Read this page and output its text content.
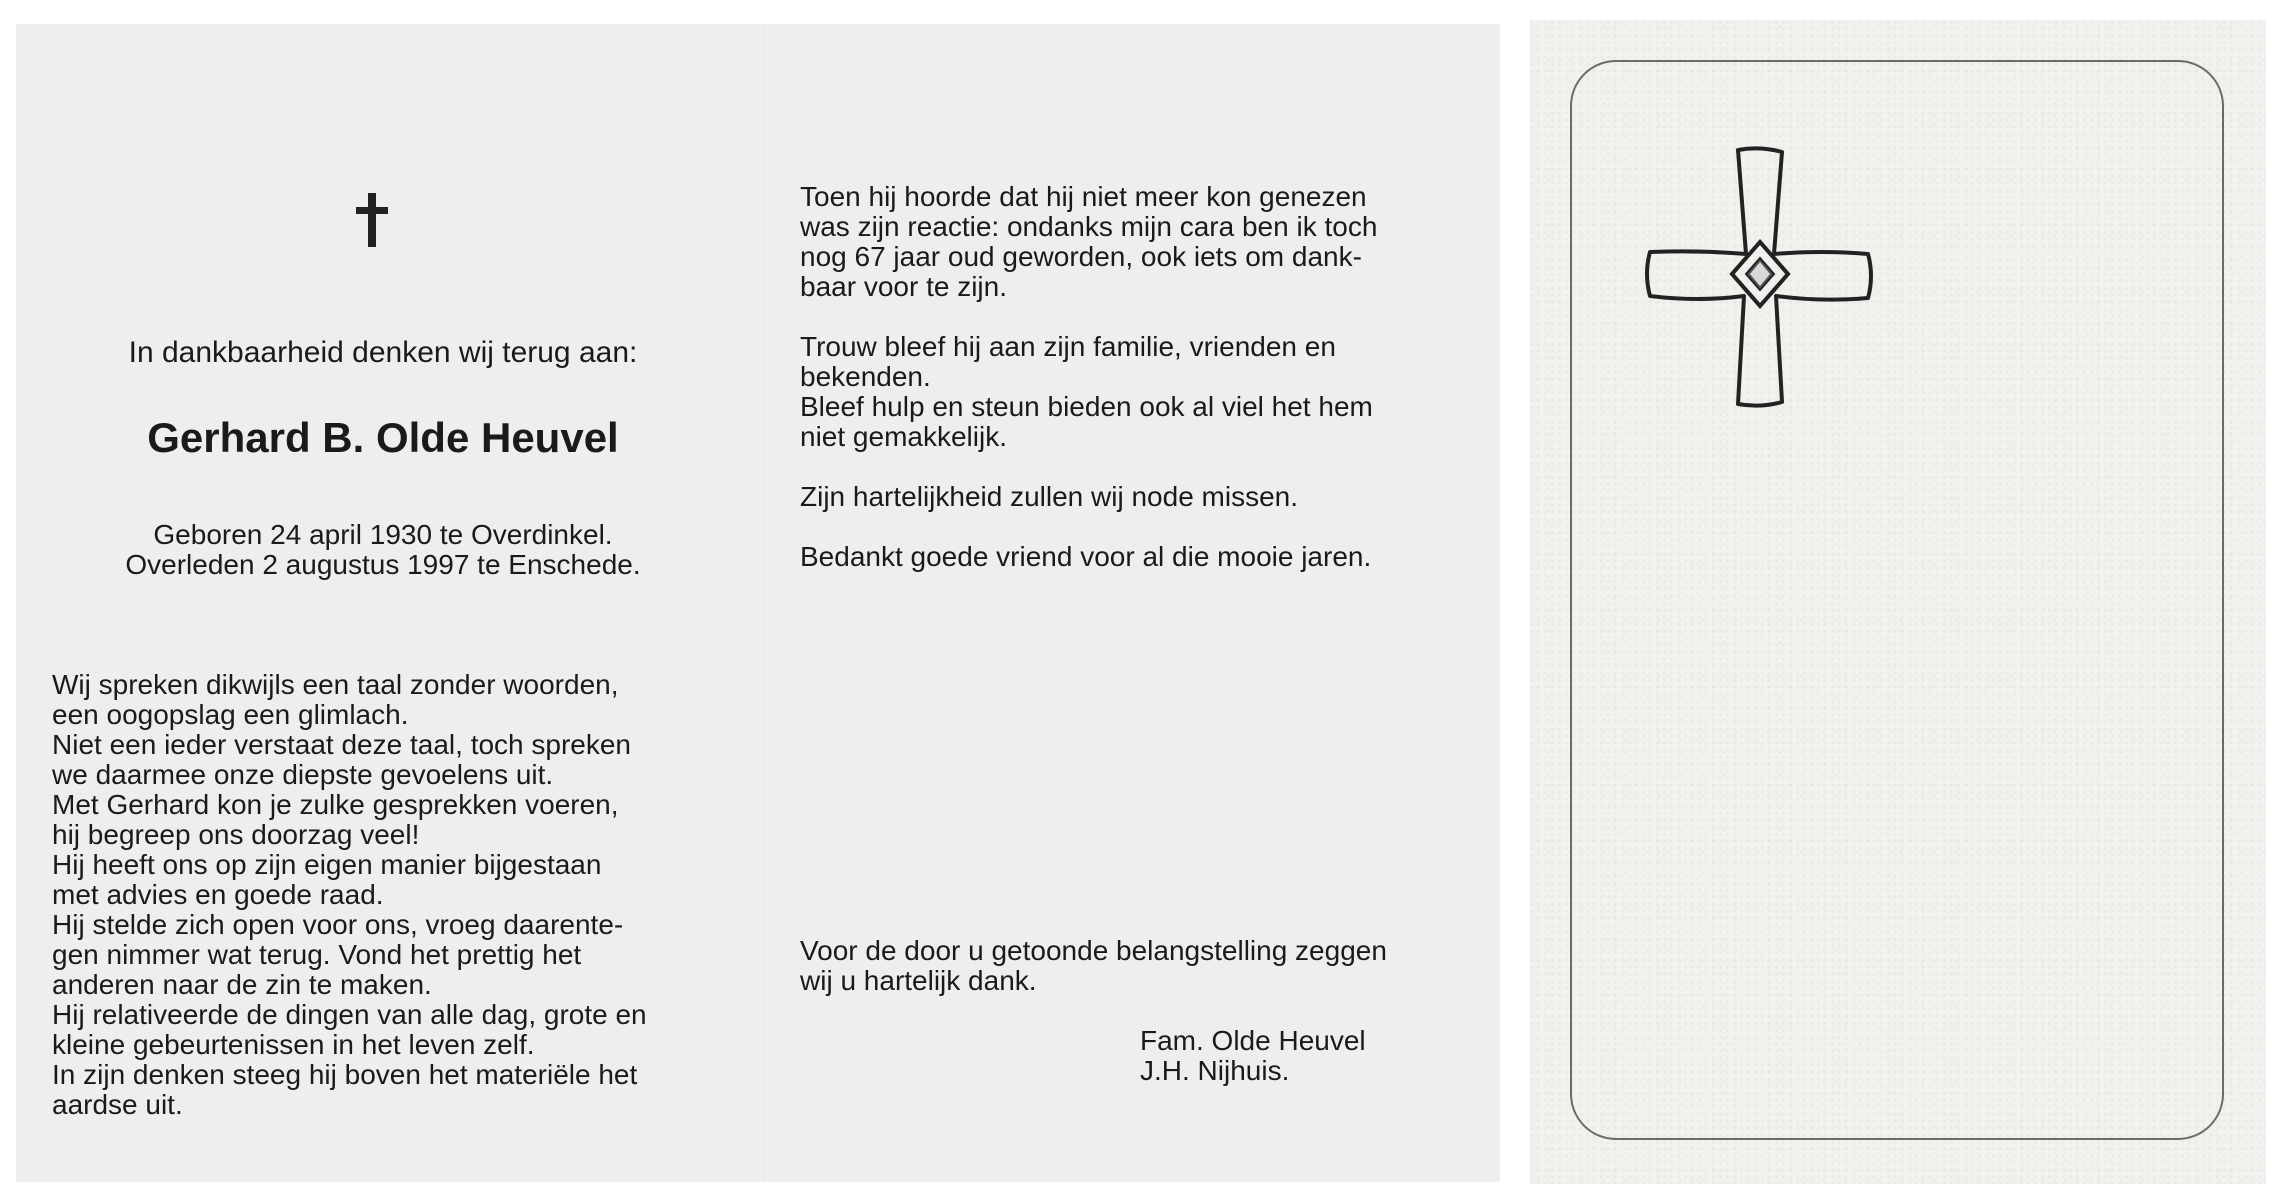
In dankbaarheid denken wij terug aan:
Gerhard B. Olde Heuvel
Geboren 24 april 1930 te Overdinkel.
Overleden 2 augustus 1997 te Enschede.
Wij spreken dikwijls een taal zonder woorden,
een oogopslag een glimlach.
Niet een ieder verstaat deze taal, toch spreken
we daarmee onze diepste gevoelens uit.
Met Gerhard kon je zulke gesprekken voeren,
hij begreep ons doorzag veel!
Hij heeft ons op zijn eigen manier bijgestaan
met advies en goede raad.
Hij stelde zich open voor ons, vroeg daarente-
gen nimmer wat terug. Vond het prettig het
anderen naar de zin te maken.
Hij relativeerde de dingen van alle dag, grote en
kleine gebeurtenissen in het leven zelf.
In zijn denken steeg hij boven het materiële het
aardse uit.
Toen hij hoorde dat hij niet meer kon genezen
was zijn reactie: ondanks mijn cara ben ik toch
nog 67 jaar oud geworden, ook iets om dank-
baar voor te zijn.
Trouw bleef hij aan zijn familie, vrienden en
bekenden.
Bleef hulp en steun bieden ook al viel het hem
niet gemakkelijk.
Zijn hartelijkheid zullen wij node missen.
Bedankt goede vriend voor al die mooie jaren.
Voor de door u getoonde belangstelling zeggen
wij u hartelijk dank.
Fam. Olde Heuvel
J.H. Nijhuis.
